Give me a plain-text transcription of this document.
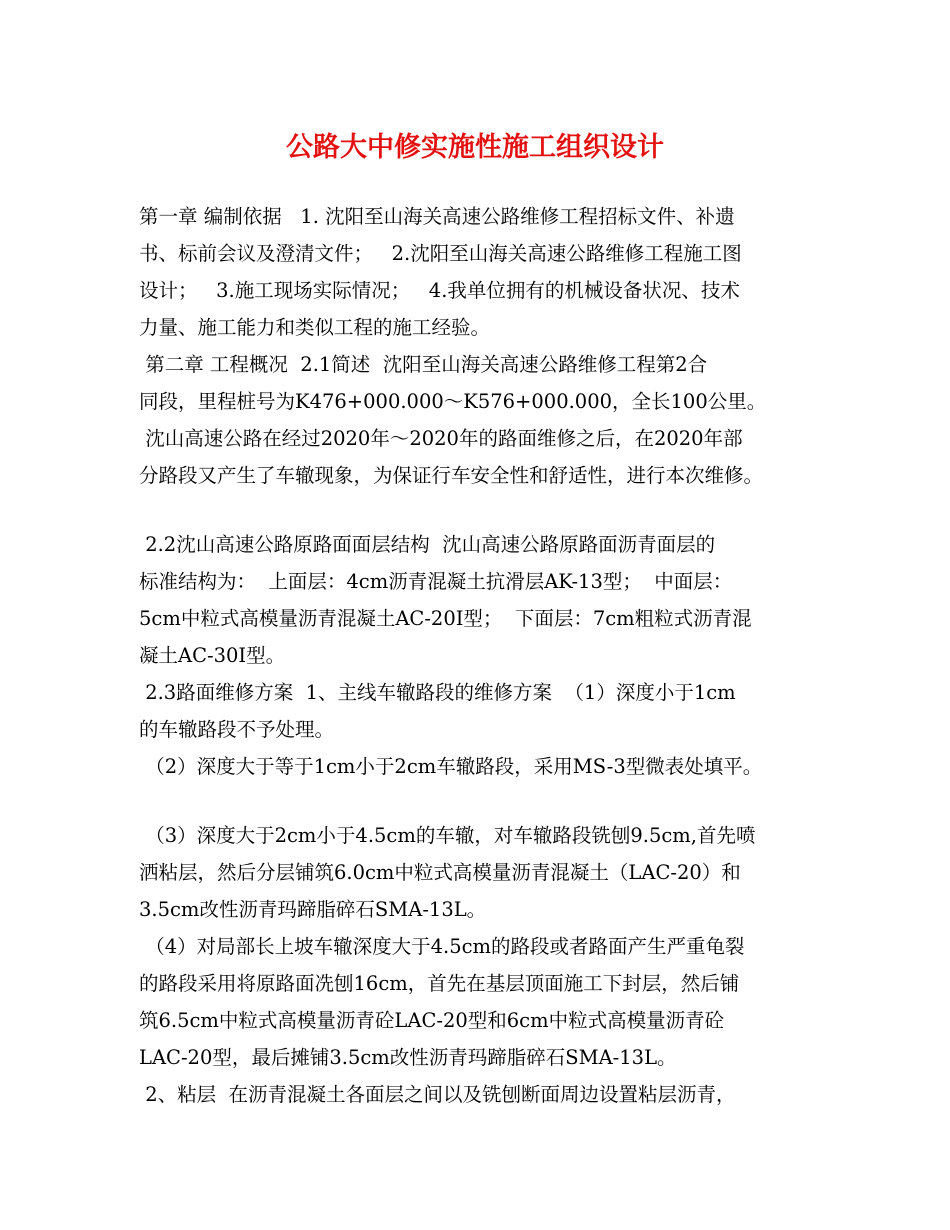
公路大中修实施性施工组织设计
第一章 编制依据   1. 沈阳至山海关高速公路维修工程招标文件、补遗
书、标前会议及澄清文件；   2.沈阳至山海关高速公路维修工程施工图
设计；   3.施工现场实际情况；   4.我单位拥有的机械设备状况、技术
力量、施工能力和类似工程的施工经验。
第二章 工程概况  2.1简述  沈阳至山海关高速公路维修工程第2合
同段，里程桩号为K476+000.000～K576+000.000，全长100公里。
沈山高速公路在经过2020年～2020年的路面维修之后，在2020年部
分路段又产生了车辙现象，为保证行车安全性和舒适性，进行本次维修。
2.2沈山高速公路原路面面层结构  沈山高速公路原路面沥青面层的
标准结构为：  上面层：4cm沥青混凝土抗滑层AK-13型；  中面层：
5cm中粒式高模量沥青混凝土AC-20I型；  下面层：7cm粗粒式沥青混
凝土AC-30I型。
2.3路面维修方案  1、主线车辙路段的维修方案  （1）深度小于1cm
的车辙路段不予处理。
（2）深度大于等于1cm小于2cm车辙路段，采用MS-3型微表处填平。
（3）深度大于2cm小于4.5cm的车辙，对车辙路段铣刨9.5cm,首先喷
洒粘层，然后分层铺筑6.0cm中粒式高模量沥青混凝土（LAC-20）和
3.5cm改性沥青玛蹄脂碎石SMA-13L。
（4）对局部长上坡车辙深度大于4.5cm的路段或者路面产生严重龟裂
的路段采用将原路面冼刨16cm，首先在基层顶面施工下封层，然后铺
筑6.5cm中粒式高模量沥青砼LAC-20型和6cm中粒式高模量沥青砼
LAC-20型，最后摊铺3.5cm改性沥青玛蹄脂碎石SMA-13L。
2、粘层  在沥青混凝土各面层之间以及铣刨断面周边设置粘层沥青，
